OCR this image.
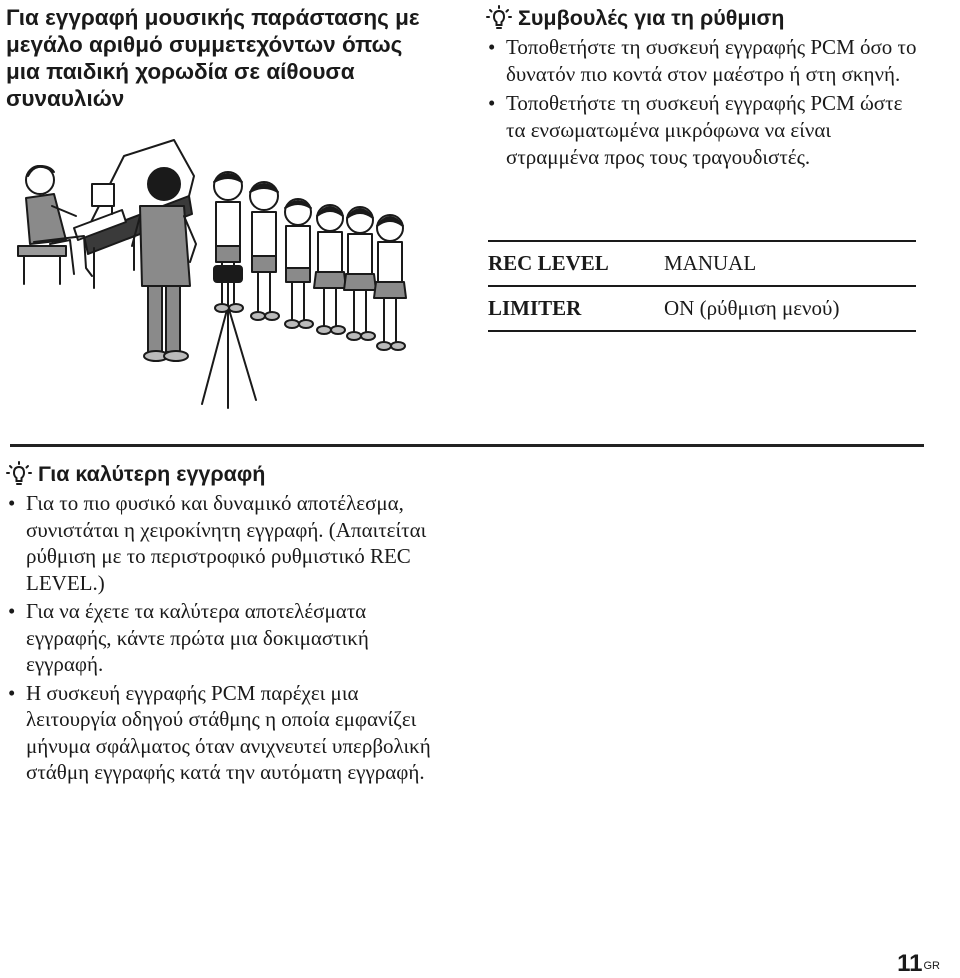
Για εγγραφή μουσικής παράστασης με μεγάλο αριθμό συμμετεχόντων όπως μια παιδική χορωδία σε αίθουσα συναυλιών
Συμβουλές για τη ρύθμιση
• Τοποθετήστε τη συσκευή εγγραφής PCM όσο το δυνατόν πιο κοντά στον μαέστρο ή στη σκηνή.
• Τοποθετήστε τη συσκευή εγγραφής PCM ώστε τα ενσωματωμένα μικρόφωνα να είναι στραμμένα προς τους τραγουδιστές.
REC LEVEL	MANUAL
LIMITER	ON (ρύθμιση μενού)
Για καλύτερη εγγραφή
• Για το πιο φυσικό και δυναμικό αποτέλεσμα, συνιστάται η χειροκίνητη εγγραφή. (Απαιτείται ρύθμιση με το περιστροφικό ρυθμιστικό REC LEVEL.)
• Για να έχετε τα καλύτερα αποτελέσματα εγγραφής, κάντε πρώτα μια δοκιμαστική εγγραφή.
• Η συσκευή εγγραφής PCM παρέχει μια λειτουργία οδηγού στάθμης η οποία εμφανίζει μήνυμα σφάλματος όταν ανιχνευτεί υπερβολική στάθμη εγγραφής κατά την αυτόματη εγγραφή.
$11^{GR}$
